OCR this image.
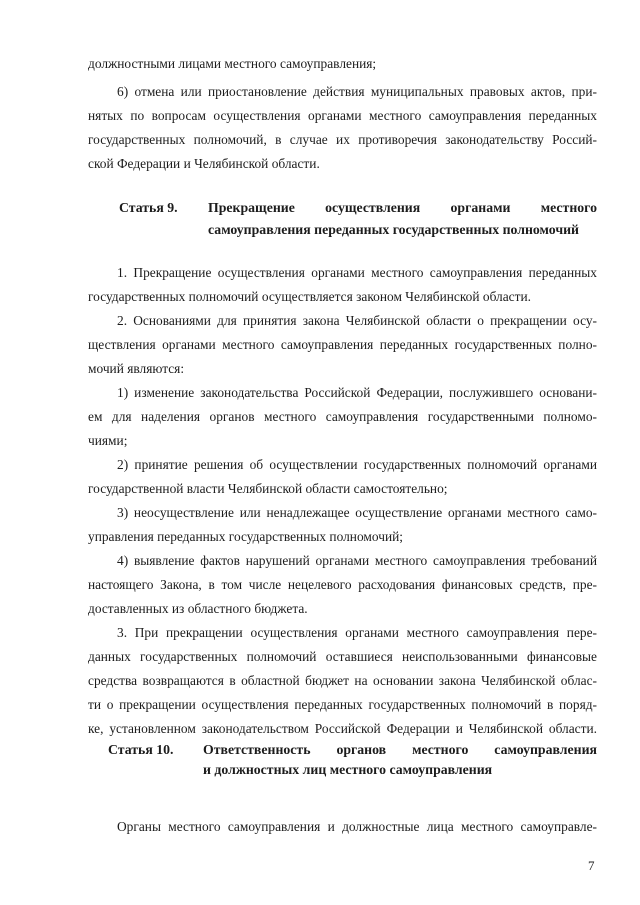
должностными лицами местного самоуправления;
6) отмена или приостановление действия муниципальных правовых актов, при-
нятых по вопросам осуществления органами местного самоуправления переданных
государственных полномочий, в случае их противоречия законодательству Россий-
ской Федерации и Челябинской области.
Статья 9. Прекращение осуществления органами местного
самоуправления переданных государственных полномочий
1. Прекращение осуществления органами местного самоуправления переданных
государственных полномочий осуществляется законом Челябинской области.
2. Основаниями для принятия закона Челябинской области о прекращении осу-
ществления органами местного самоуправления переданных государственных полно-
мочий являются:
1) изменение законодательства Российской Федерации, послужившего основани-
ем для наделения органов местного самоуправления государственными полномо-
чиями;
2) принятие решения об осуществлении государственных полномочий органами
государственной власти Челябинской области самостоятельно;
3) неосуществление или ненадлежащее осуществление органами местного само-
управления переданных государственных полномочий;
4) выявление фактов нарушений органами местного самоуправления требований
настоящего Закона, в том числе нецелевого расходования финансовых средств, пре-
доставленных из областного бюджета.
3. При прекращении осуществления органами местного самоуправления пере-
данных государственных полномочий оставшиеся неиспользованными финансовые
средства возвращаются в областной бюджет на основании закона Челябинской облас-
ти о прекращении осуществления переданных государственных полномочий в поряд-
ке, установленном законодательством Российской Федерации и Челябинской области.
Статья 10. Ответственность органов местного самоуправления
и должностных лиц местного самоуправления
Органы местного самоуправления и должностные лица местного самоуправле-
7
